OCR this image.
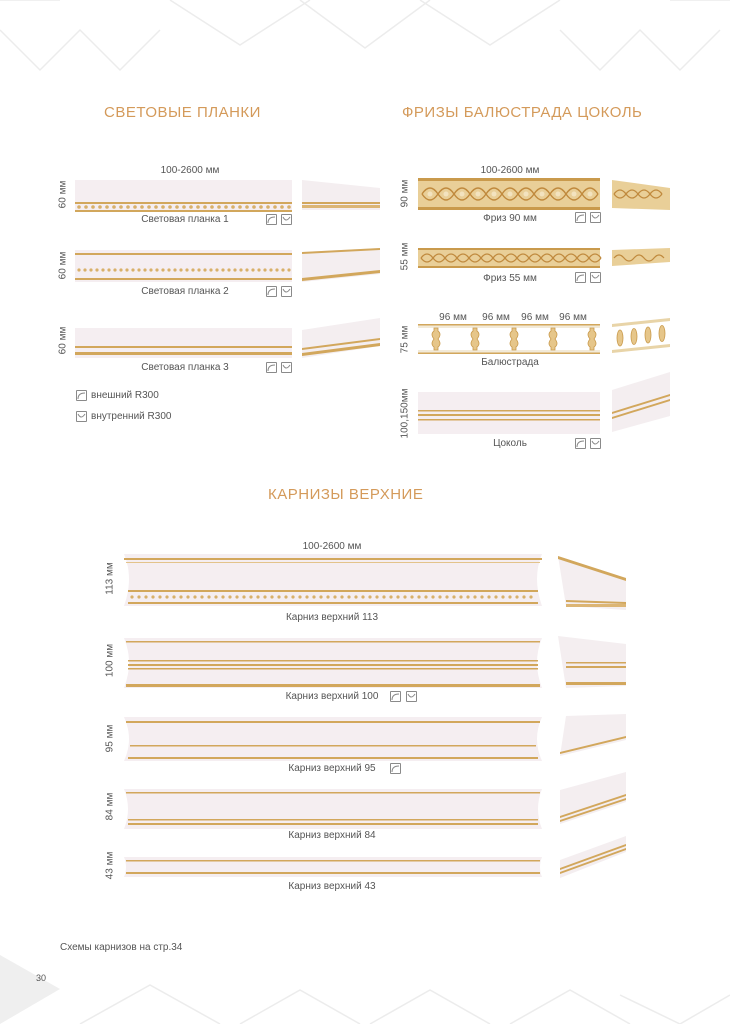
СВЕТОВЫЕ ПЛАНКИ	ФРИЗЫ БАЛЮСТРАДА ЦОКОЛЬ
КАРНИЗЫ ВЕРХНИЕ
100-2600 мм
60 мм
Световая планка 1
60 мм
Световая планка 2
60 мм
Световая планка 3
внешний R300
внутренний R300
100-2600 мм
90 мм
Фриз 90 мм
55 мм
Фриз 55 мм
96 мм	96 мм	96 мм	96 мм
75 мм
Балюстрада
100,150мм
Цоколь
100-2600 мм
113 мм
Карниз верхний 113
100 мм
Карниз верхний 100
95 мм
Карниз верхний 95
84 мм
Карниз верхний 84
43 мм
Карниз верхний 43
Схемы карнизов на стр.34
30
